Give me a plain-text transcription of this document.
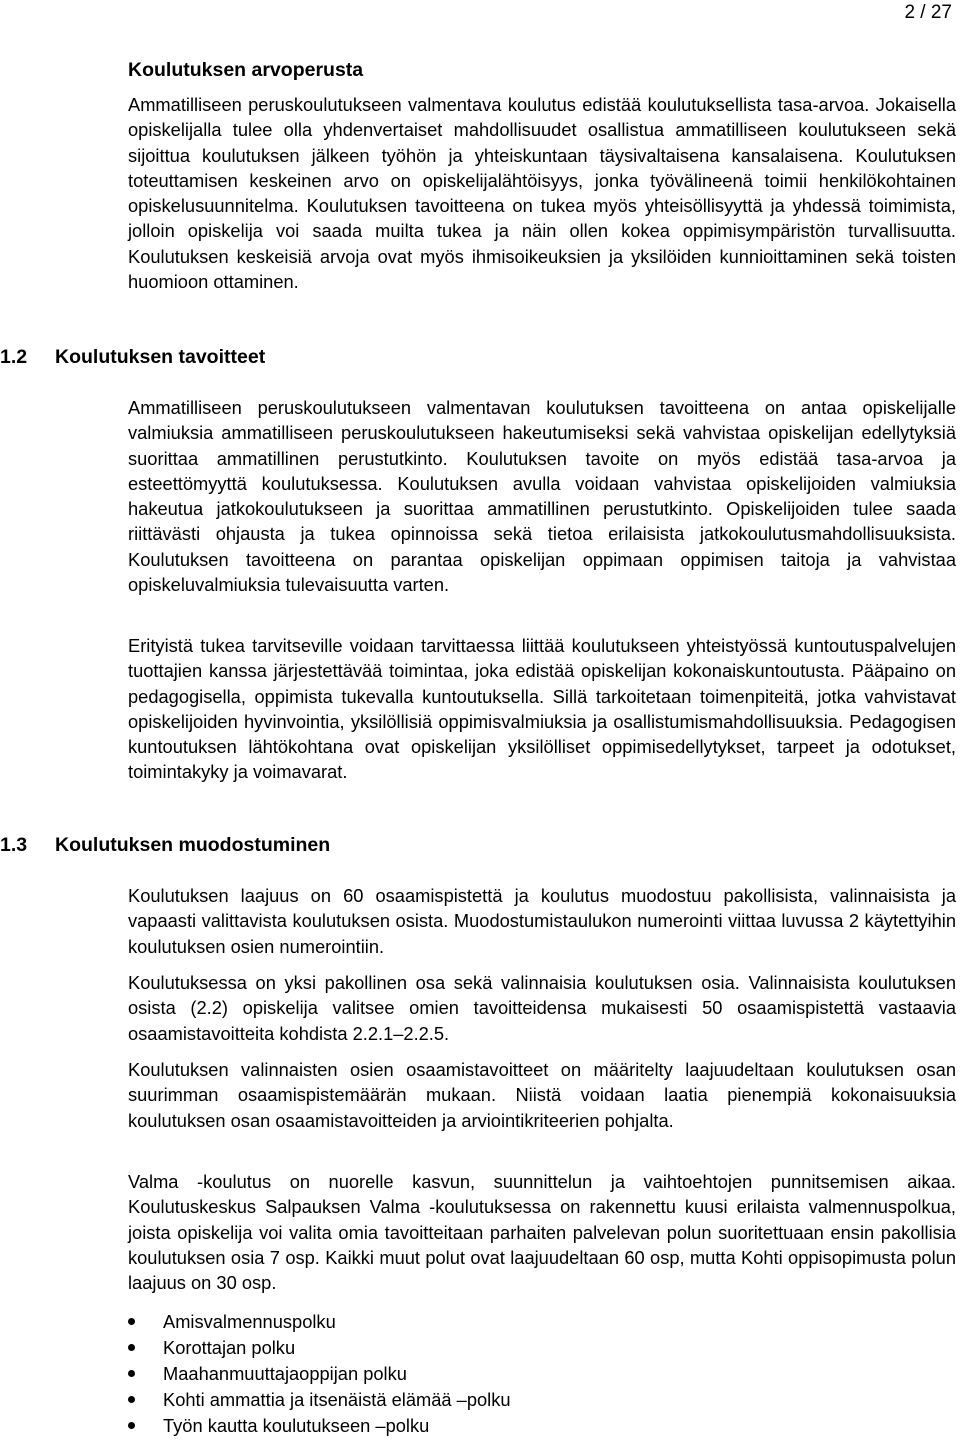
2 / 27
Koulutuksen arvoperusta

Ammatilliseen peruskoulutukseen valmentava koulutus edistää koulutuksellista tasa-arvoa. Jokaisella opiskelijalla tulee olla yhdenvertaiset mahdollisuudet osallistua ammatilliseen koulutukseen sekä sijoittua koulutuksen jälkeen työhön ja yhteiskuntaan täysivaltaisena kansalaisena. Koulutuksen toteuttamisen keskeinen arvo on opiskelijalähtöisyys, jonka työvälineenä toimii henkilökohtainen opiskelusuunnitelma. Koulutuksen tavoitteena on tukea myös yhteisöllisyyttä ja yhdessä toimimista, jolloin opiskelija voi saada muilta tukea ja näin ollen kokea oppimisympäristön turvallisuutta. Koulutuksen keskeisiä arvoja ovat myös ihmisoikeuksien ja yksilöiden kunnioittaminen sekä toisten huomioon ottaminen.

1.2 Koulutuksen tavoitteet

Ammatilliseen peruskoulutukseen valmentavan koulutuksen tavoitteena on antaa opiskelijalle valmiuksia ammatilliseen peruskoulutukseen hakeutumiseksi sekä vahvistaa opiskelijan edellytyksiä suorittaa ammatillinen perustutkinto. Koulutuksen tavoite on myös edistää tasa-arvoa ja esteettömyyttä koulutuksessa. Koulutuksen avulla voidaan vahvistaa opiskelijoiden valmiuksia hakeutua jatkokoulutukseen ja suorittaa ammatillinen perustutkinto. Opiskelijoiden tulee saada riittävästi ohjausta ja tukea opinnoissa sekä tietoa erilaisista jatkokoulutusmahdollisuuksista. Koulutuksen tavoitteena on parantaa opiskelijan oppimaan oppimisen taitoja ja vahvistaa opiskeluvalmiuksia tulevaisuutta varten.

Erityistä tukea tarvitseville voidaan tarvittaessa liittää koulutukseen yhteistyössä kuntoutuspalvelujen tuottajien kanssa järjestettävää toimintaa, joka edistää opiskelijan kokonaiskuntoutusta. Pääpaino on pedagogisella, oppimista tukevalla kuntoutuksella. Sillä tarkoitetaan toimenpiteitä, jotka vahvistavat opiskelijoiden hyvinvointia, yksilöllisiä oppimisvalmiuksia ja osallistumismahdollisuuksia. Pedagogisen kuntoutuksen lähtökohtana ovat opiskelijan yksilölliset oppimisedellytykset, tarpeet ja odotukset, toimintakyky ja voimavarat.

1.3 Koulutuksen muodostuminen

Koulutuksen laajuus on 60 osaamispistettä ja koulutus muodostuu pakollisista, valinnaisista ja vapaasti valittavista koulutuksen osista. Muodostumistaulukon numerointi viittaa luvussa 2 käytettyihin koulutuksen osien numerointiin.

Koulutuksessa on yksi pakollinen osa sekä valinnaisia koulutuksen osia. Valinnaisista koulutuksen osista (2.2) opiskelija valitsee omien tavoitteidensa mukaisesti 50 osaamispistettä vastaavia osaamistavoitteita kohdista 2.2.1–2.2.5.

Koulutuksen valinnaisten osien osaamistavoitteet on määritelty laajuudeltaan koulutuksen osan suurimman osaamispistemäärän mukaan. Niistä voidaan laatia pienempiä kokonaisuuksia koulutuksen osan osaamistavoitteiden ja arviointikriteerien pohjalta.

Valma -koulutus on nuorelle kasvun, suunnittelun ja vaihtoehtojen punnitsemisen aikaa. Koulutuskeskus Salpauksen Valma -koulutuksessa on rakennettu kuusi erilaista valmennuspolkua, joista opiskelija voi valita omia tavoitteitaan parhaiten palvelevan polun suoritettuaan ensin pakollisia koulutuksen osia 7 osp. Kaikki muut polut ovat laajuudeltaan 60 osp, mutta Kohti oppisopimusta polun laajuus on 30 osp.

Amisvalmennuspolku
Korottajan polku
Maahanmuuttajaoppijan polku
Kohti ammattia ja itsenäistä elämää –polku
Työn kautta koulutukseen –polku
